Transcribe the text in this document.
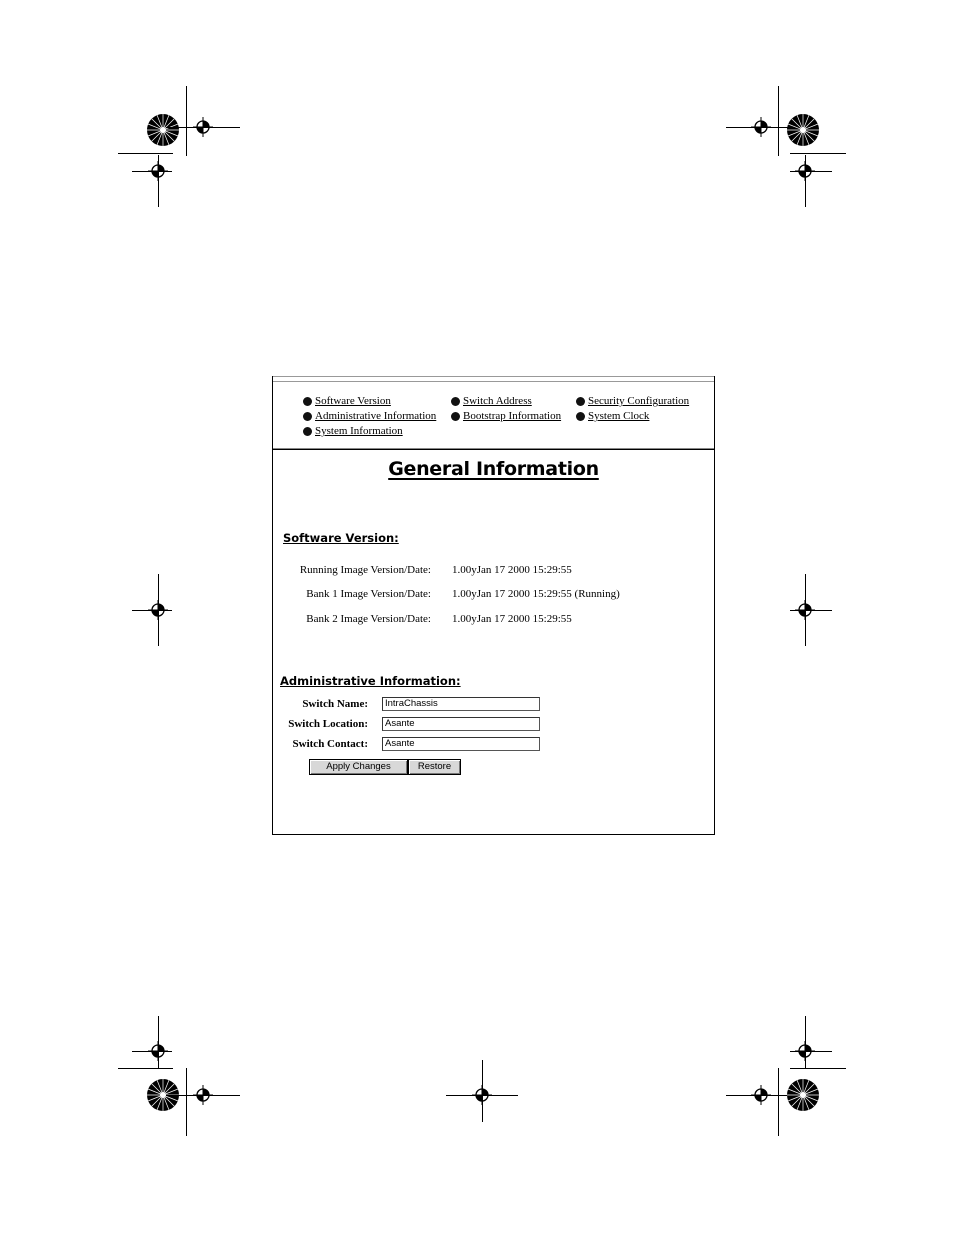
Software Version	Switch Address	Security Configuration
Administrative Information Bootstrap Information System Clock
System Information
General Information
Software Version:
Running Image Version/Date: 1.00yJan 17 2000 15:29:55
Bank 1 Image Version/Date: 1.00yJan 17 2000 15:29:55 (Running)
Bank 2 Image Version/Date: 1.00yJan 17 2000 15:29:55
Administrative Information:
Switch Name:	IntraChassis
Switch Location:	Asante
Switch Contact:	Asante
Apply Changes	Restore
